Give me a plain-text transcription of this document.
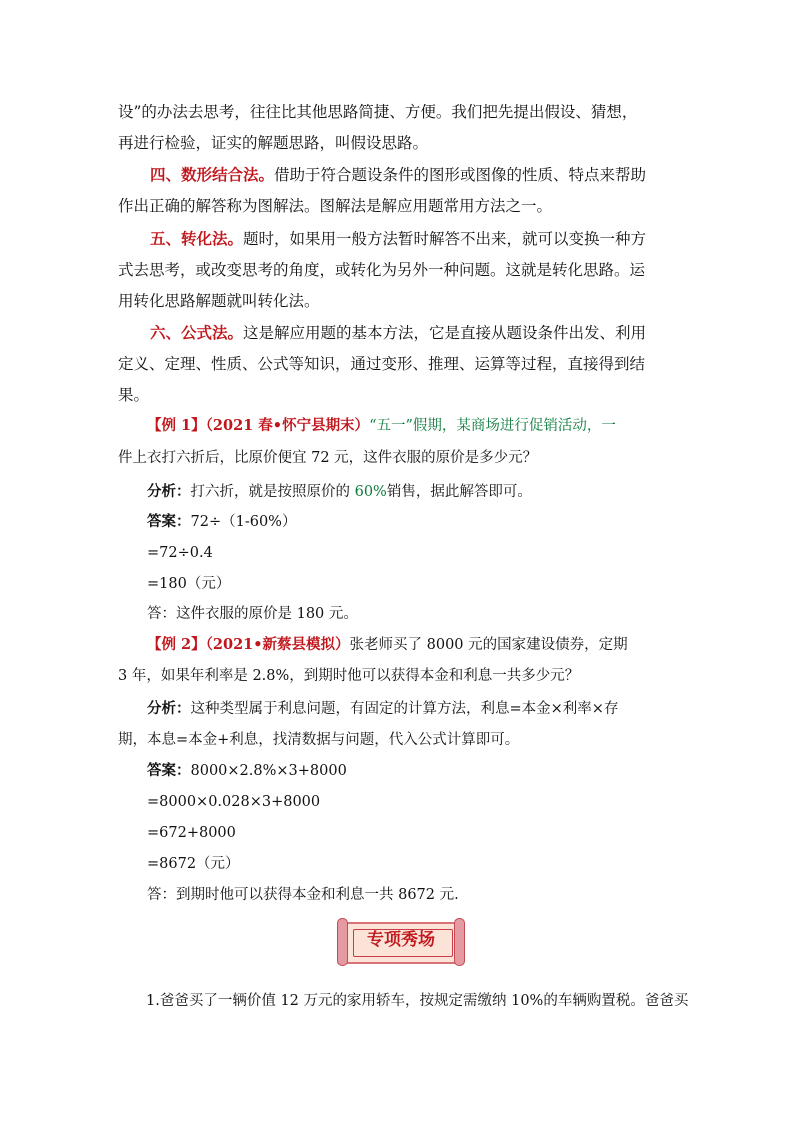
设”的办法去思考，往往比其他思路简捷、方便。我们把先提出假设、猜想，
再进行检验，证实的解题思路，叫假设思路。
四、数形结合法。借助于符合题设条件的图形或图像的性质、特点来帮助
作出正确的解答称为图解法。图解法是解应用题常用方法之一。
五、转化法。题时，如果用一般方法暂时解答不出来，就可以变换一种方
式去思考，或改变思考的角度，或转化为另外一种问题。这就是转化思路。运
用转化思路解题就叫转化法。
六、公式法。这是解应用题的基本方法，它是直接从题设条件出发、利用
定义、定理、性质、公式等知识，通过变形、推理、运算等过程，直接得到结
果。
【例 1】（2021 春•怀宁县期末）“五一”假期，某商场进行促销活动，一
件上衣打六折后，比原价便宜 72 元，这件衣服的原价是多少元？
分析：打六折，就是按照原价的 60%销售，据此解答即可。
答案：72÷（1-60%）
=72÷0.4
=180（元）
答：这件衣服的原价是 180 元。
【例 2】（2021•新蔡县模拟）张老师买了 8000 元的国家建设债券，定期
3 年，如果年利率是 2.8%，到期时他可以获得本金和利息一共多少元？
分析：这种类型属于利息问题，有固定的计算方法，利息=本金×利率×存
期，本息=本金+利息，找清数据与问题，代入公式计算即可。
答案：8000×2.8%×3+8000
=8000×0.028×3+8000
=672+8000
=8672（元）
答：到期时他可以获得本金和利息一共 8672 元.
专项秀场
1.爸爸买了一辆价值 12 万元的家用轿车，按规定需缴纳 10%的车辆购置税。爸爸买
